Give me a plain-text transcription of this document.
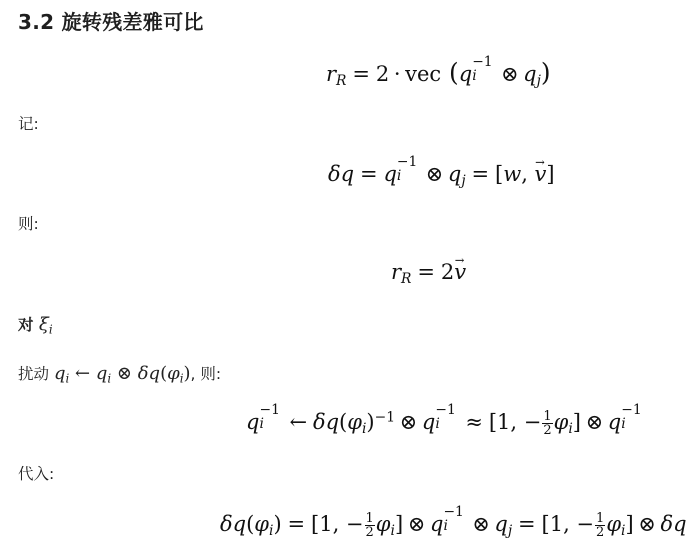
3.2 旋转残差雅可比
$r_R = 2$ · vec (q
−1
i ⊗ $q_j$)
记:
δq = q
−1
i ⊗ $q_j = [w$, v →]
则:
$r_R = 2v$ →
对 $\xi_i$
扰动 $q_i$ ← $q_i$ ⊗ $\delta q(\varphi_i)$, 则:
q
−1
i ← $\delta q(\varphi_i)^{-1}$ ⊗ q
−1
i ≈ [1, − $\frac{1}{2} \varphi_i$] ⊗ q
−1
i
代入:
$\delta q(\varphi_i) = [1$, − $\frac{1}{2} \varphi_i$] ⊗ q
−1
i ⊗ $q_j = [1$, − $\frac{1}{2} \varphi_i$] ⊗ δq
